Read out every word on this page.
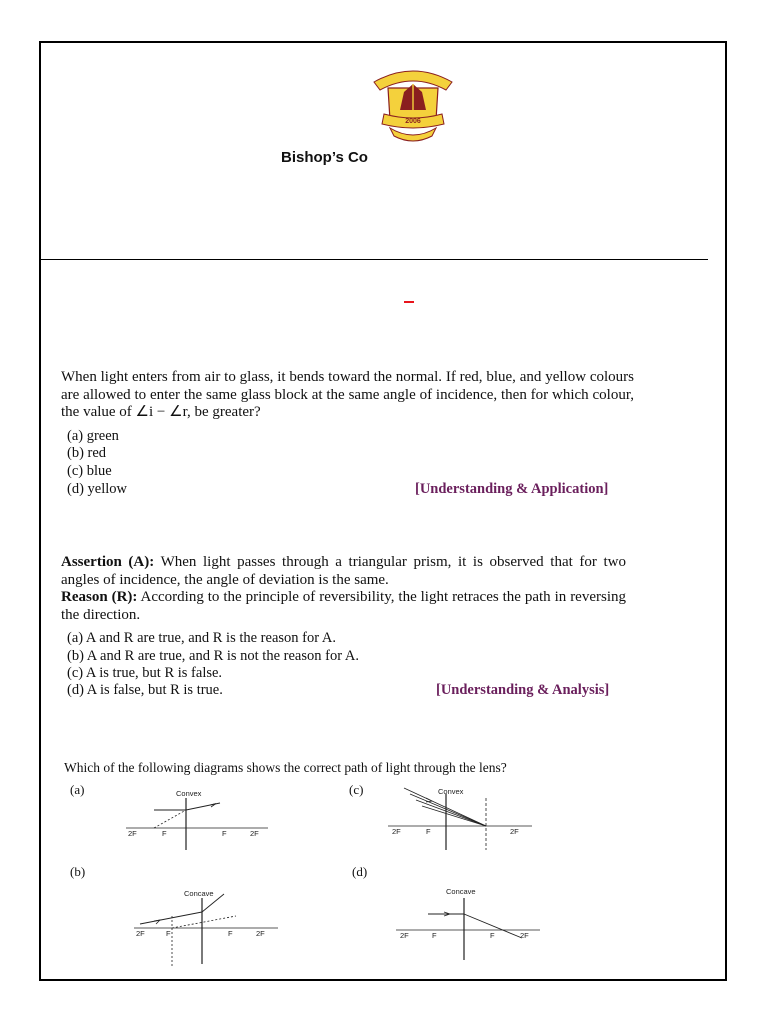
2006
Bishop’s Co
When light enters from air to glass, it bends toward the normal. If red, blue, and yellow colours are allowed to enter the same glass block at the same angle of incidence, then for which colour, the value of ∠i − ∠r, be greater?
(a) green
(b) red
(c) blue
(d) yellow	[Understanding & Application]
Assertion (A): When light passes through a triangular prism, it is observed that for two angles of incidence, the angle of deviation is the same.
Reason (R): According to the principle of reversibility, the light retraces the path in reversing the direction.
(a) A and R are true, and R is the reason for A.
(b) A and R are true, and R is not the reason for A.
(c) A is true, but R is false.
(d) A is false, but R is true.	[Understanding & Analysis]
Which of the following diagrams shows the correct path of light through the lens?
(a)
(b)
(c)
(d)
Convex
2F	F	F	2F
Convex
2F	F	2F
Concave
2F	F	F	2F
Concave
2F	F	F	2F
